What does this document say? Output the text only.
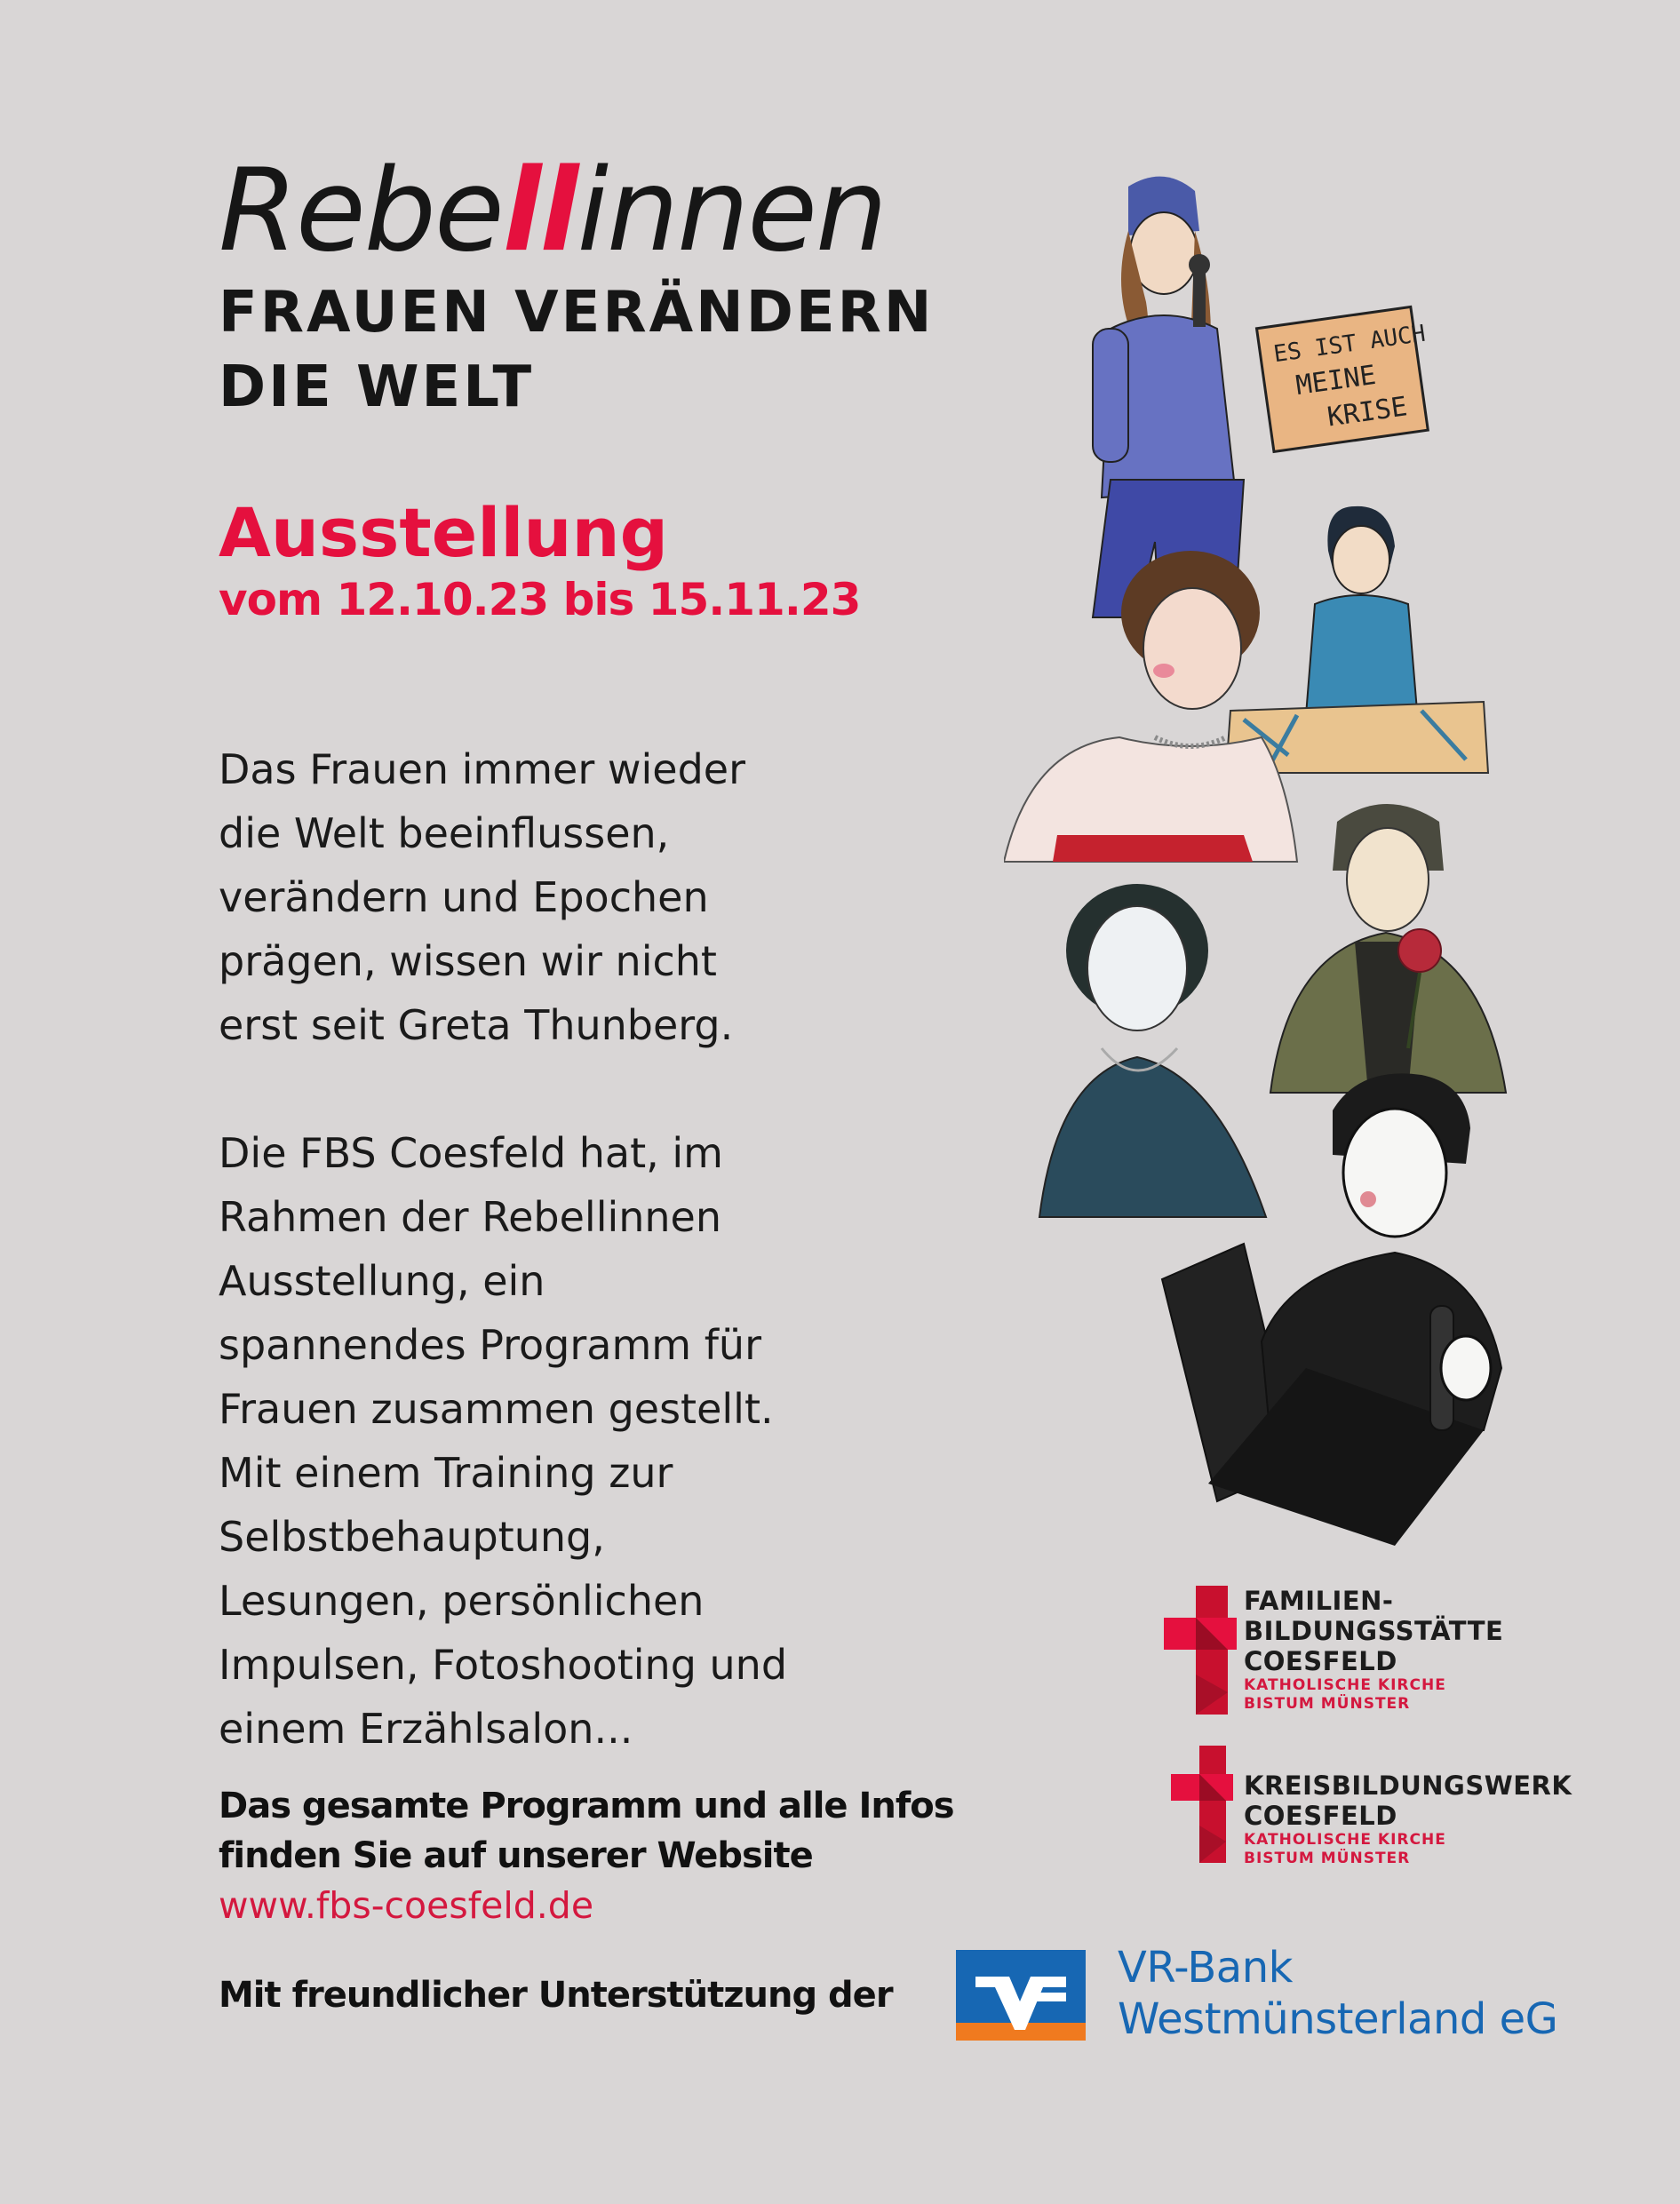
Rebellinnen
FRAUEN VERÄNDERN
DIE WELT
Ausstellung
vom 12.10.23 bis 15.11.23
Das Frauen immer wieder
die Welt beeinflussen,
verändern und Epochen
prägen, wissen wir nicht
erst seit Greta Thunberg.
Die FBS Coesfeld hat, im
Rahmen der Rebellinnen
Ausstellung, ein
spannendes Programm für
Frauen zusammen gestellt.
Mit einem Training zur
Selbstbehauptung,
Lesungen, persönlichen
Impulsen, Fotoshooting und
einem Erzählsalon...
Das gesamte Programm und alle Infos
finden Sie auf unserer Website
www.fbs-coesfeld.de
Mit freundlicher Unterstützung der
ES IST AUCH
MEINE
KRISE
FAMILIEN-
BILDUNGSSTÄTTE
COESFELD
KATHOLISCHE KIRCHE
BISTUM MÜNSTER
KREISBILDUNGSWERK
COESFELD
KATHOLISCHE KIRCHE
BISTUM MÜNSTER
VR-Bank
Westmünsterland eG
